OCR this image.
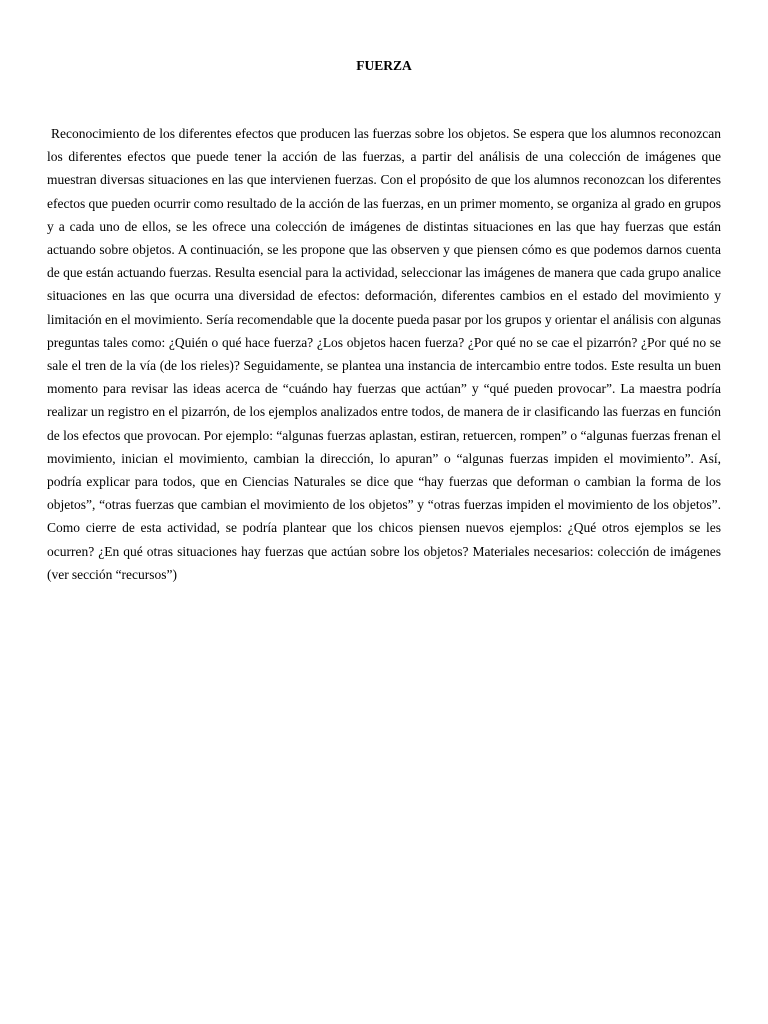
FUERZA

Reconocimiento de los diferentes efectos que producen las fuerzas sobre los objetos. Se espera que los alumnos reconozcan los diferentes efectos que puede tener la acción de las fuerzas, a partir del análisis de una colección de imágenes que muestran diversas situaciones en las que intervienen fuerzas. Con el propósito de que los alumnos reconozcan los diferentes efectos que pueden ocurrir como resultado de la acción de las fuerzas, en un primer momento, se organiza al grado en grupos y a cada uno de ellos, se les ofrece una colección de imágenes de distintas situaciones en las que hay fuerzas que están actuando sobre objetos. A continuación, se les propone que las observen y que piensen cómo es que podemos darnos cuenta de que están actuando fuerzas. Resulta esencial para la actividad, seleccionar las imágenes de manera que cada grupo analice situaciones en las que ocurra una diversidad de efectos: deformación, diferentes cambios en el estado del movimiento y limitación en el movimiento. Sería recomendable que la docente pueda pasar por los grupos y orientar el análisis con algunas preguntas tales como: ¿Quién o qué hace fuerza? ¿Los objetos hacen fuerza? ¿Por qué no se cae el pizarrón? ¿Por qué no se sale el tren de la vía (de los rieles)? Seguidamente, se plantea una instancia de intercambio entre todos. Este resulta un buen momento para revisar las ideas acerca de “cuándo hay fuerzas que actúan” y “qué pueden provocar”. La maestra podría realizar un registro en el pizarrón, de los ejemplos analizados entre todos, de manera de ir clasificando las fuerzas en función de los efectos que provocan. Por ejemplo: “algunas fuerzas aplastan, estiran, retuercen, rompen” o “algunas fuerzas frenan el movimiento, inician el movimiento, cambian la dirección, lo apuran” o “algunas fuerzas impiden el movimiento”. Así, podría explicar para todos, que en Ciencias Naturales se dice que “hay fuerzas que deforman o cambian la forma de los objetos”, “otras fuerzas que cambian el movimiento de los objetos” y “otras fuerzas impiden el movimiento de los objetos”. Como cierre de esta actividad, se podría plantear que los chicos piensen nuevos ejemplos: ¿Qué otros ejemplos se les ocurren? ¿En qué otras situaciones hay fuerzas que actúan sobre los objetos? Materiales necesarios: colección de imágenes (ver sección “recursos”)
